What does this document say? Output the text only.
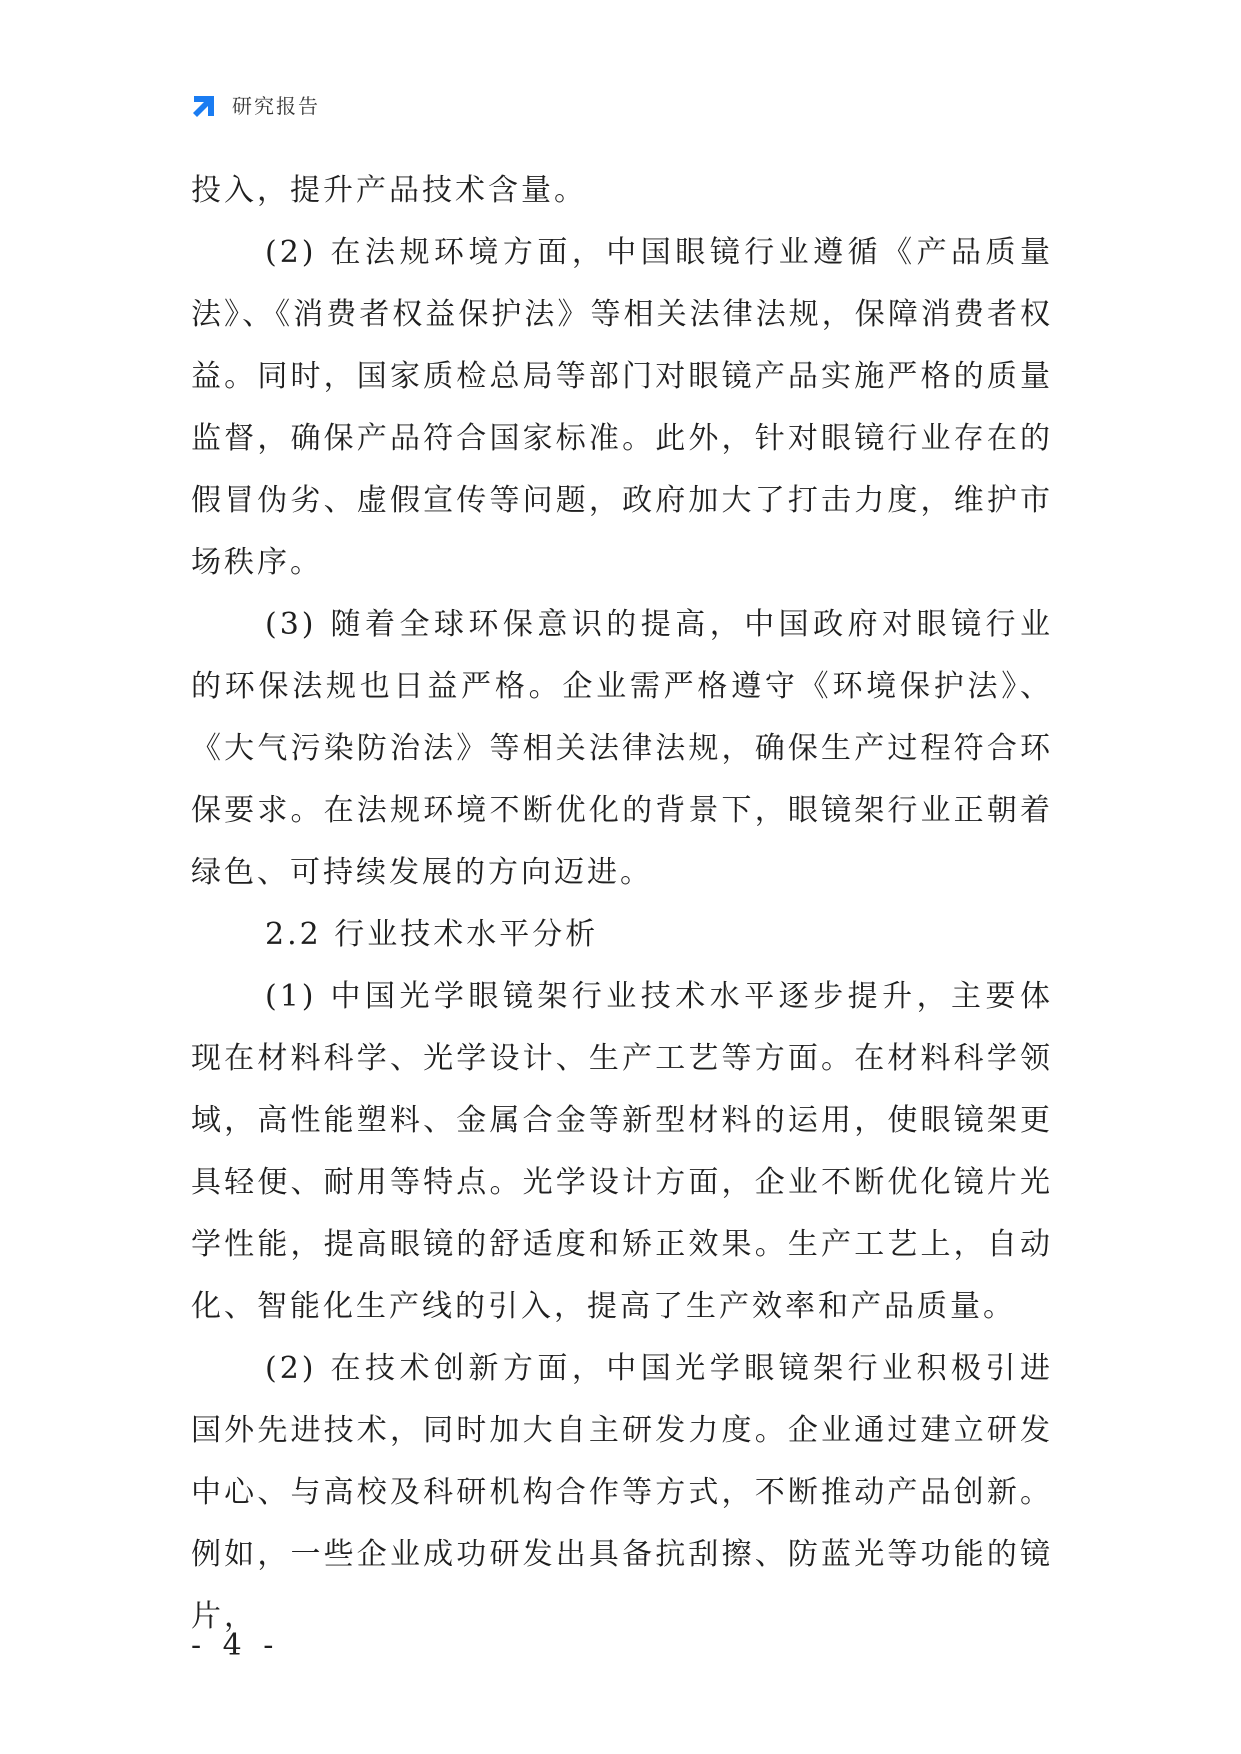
研究报告

投入，提升产品技术含量。

(2) 在法规环境方面，中国眼镜行业遵循《产品质量法》、《消费者权益保护法》等相关法律法规，保障消费者权益。同时，国家质检总局等部门对眼镜产品实施严格的质量监督，确保产品符合国家标准。此外，针对眼镜行业存在的假冒伪劣、虚假宣传等问题，政府加大了打击力度，维护市场秩序。

(3) 随着全球环保意识的提高，中国政府对眼镜行业的环保法规也日益严格。企业需严格遵守《环境保护法》、《大气污染防治法》等相关法律法规，确保生产过程符合环保要求。在法规环境不断优化的背景下，眼镜架行业正朝着绿色、可持续发展的方向迈进。

2.2 行业技术水平分析

(1) 中国光学眼镜架行业技术水平逐步提升，主要体现在材料科学、光学设计、生产工艺等方面。在材料科学领域，高性能塑料、金属合金等新型材料的运用，使眼镜架更具轻便、耐用等特点。光学设计方面，企业不断优化镜片光学性能，提高眼镜的舒适度和矫正效果。生产工艺上，自动化、智能化生产线的引入，提高了生产效率和产品质量。

(2) 在技术创新方面，中国光学眼镜架行业积极引进国外先进技术，同时加大自主研发力度。企业通过建立研发中心、与高校及科研机构合作等方式，不断推动产品创新。例如，一些企业成功研发出具备抗刮擦、防蓝光等功能的镜片，

- 4 -
